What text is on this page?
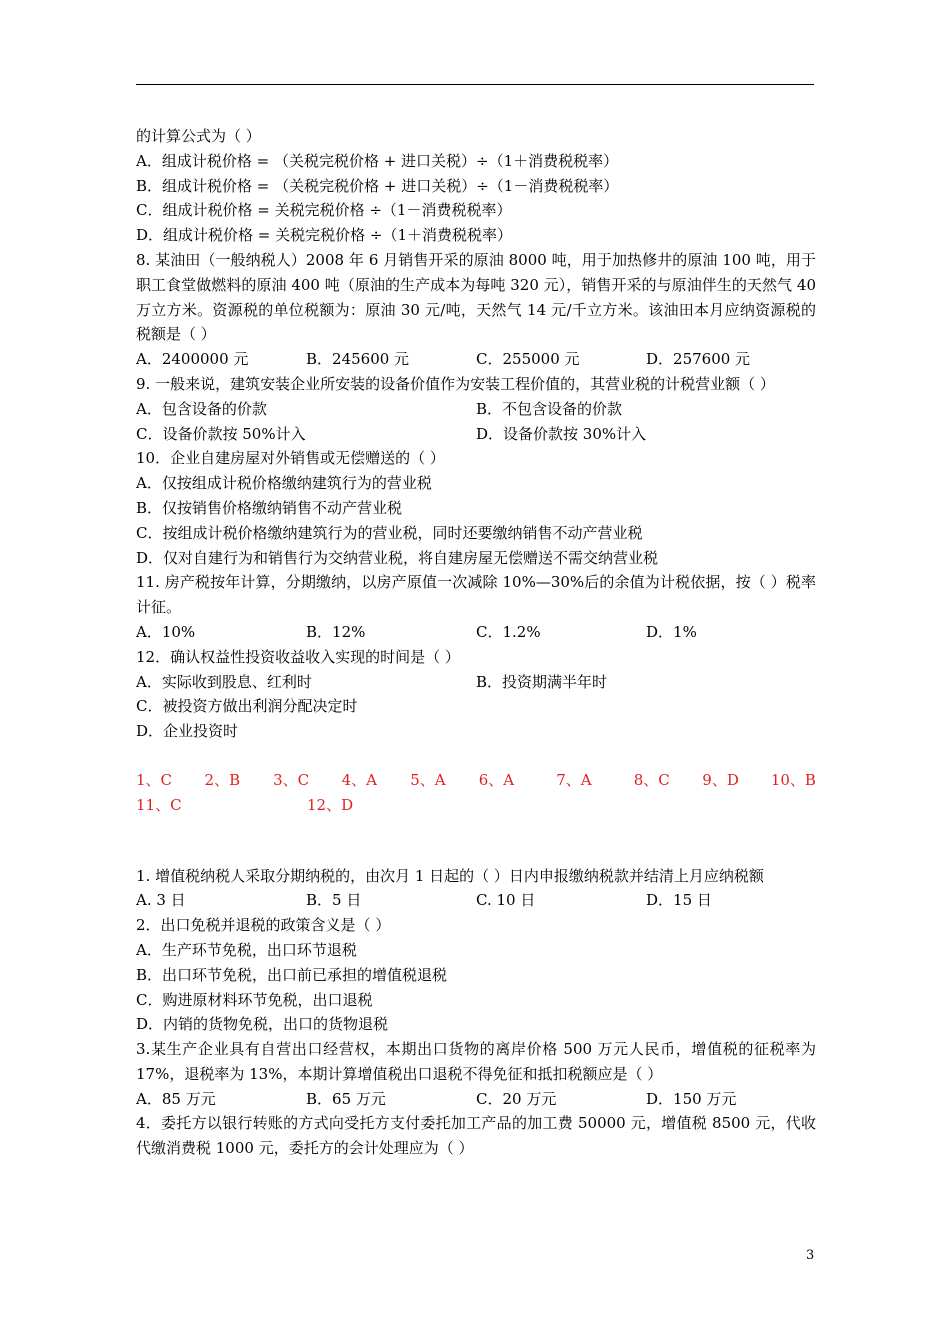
的计算公式为（ ）
A．组成计税价格 = （关税完税价格 + 进口关税）÷（1＋消费税税率）
B．组成计税价格 = （关税完税价格 + 进口关税）÷（1－消费税税率）
C．组成计税价格 = 关税完税价格 ÷（1－消费税税率）
D．组成计税价格 = 关税完税价格 ÷（1＋消费税税率）
8. 某油田（一般纳税人）2008 年 6 月销售开采的原油 8000 吨，用于加热修井的原油 100 吨，用于职工食堂做燃料的原油 400 吨（原油的生产成本为每吨 320 元），销售开采的与原油伴生的天然气 40 万立方米。资源税的单位税额为：原油 30 元/吨，天然气 14 元/千立方米。该油田本月应纳资源税的税额是（ ）
A．2400000 元	B．245600 元	C．255000 元	D．257600 元
9. 一般来说，建筑安装企业所安装的设备价值作为安装工程价值的，其营业税的计税营业额（ ）
A．包含设备的价款	B．不包含设备的价款
C．设备价款按 50%计入	D．设备价款按 30%计入
10．企业自建房屋对外销售或无偿赠送的（ ）
A．仅按组成计税价格缴纳建筑行为的营业税
B．仅按销售价格缴纳销售不动产营业税
C．按组成计税价格缴纳建筑行为的营业税，同时还要缴纳销售不动产营业税
D．仅对自建行为和销售行为交纳营业税，将自建房屋无偿赠送不需交纳营业税
11. 房产税按年计算，分期缴纳，以房产原值一次减除 10%—30%后的余值为计税依据，按（ ）税率计征。
A．10%	B．12%	C．1.2%	D．1%
12．确认权益性投资收益收入实现的时间是（ ）
A．实际收到股息、红利时	B．投资期满半年时
C．被投资方做出利润分配决定时
D．企业投资时
1、C	2、B	3、C	4、A	5、A	6、A	7、A	8、C	9、D	10、B
11、C	12、D
1. 增值税纳税人采取分期纳税的，由次月 1 日起的（ ）日内申报缴纳税款并结清上月应纳税额
A. 3 日	B．5 日	C. 10 日	D．15 日
2．出口免税并退税的政策含义是（ ）
A．生产环节免税，出口环节退税
B．出口环节免税，出口前已承担的增值税退税
C．购进原材料环节免税，出口退税
D．内销的货物免税，出口的货物退税
3.某生产企业具有自营出口经营权，本期出口货物的离岸价格 500 万元人民币，增值税的征税率为 17%，退税率为 13%，本期计算增值税出口退税不得免征和抵扣税额应是（ ）
A．85 万元	B．65 万元	C．20 万元	D．150 万元
4．委托方以银行转账的方式向受托方支付委托加工产品的加工费 50000 元，增值税 8500 元，代收代缴消费税 1000 元，委托方的会计处理应为（ ）
3
